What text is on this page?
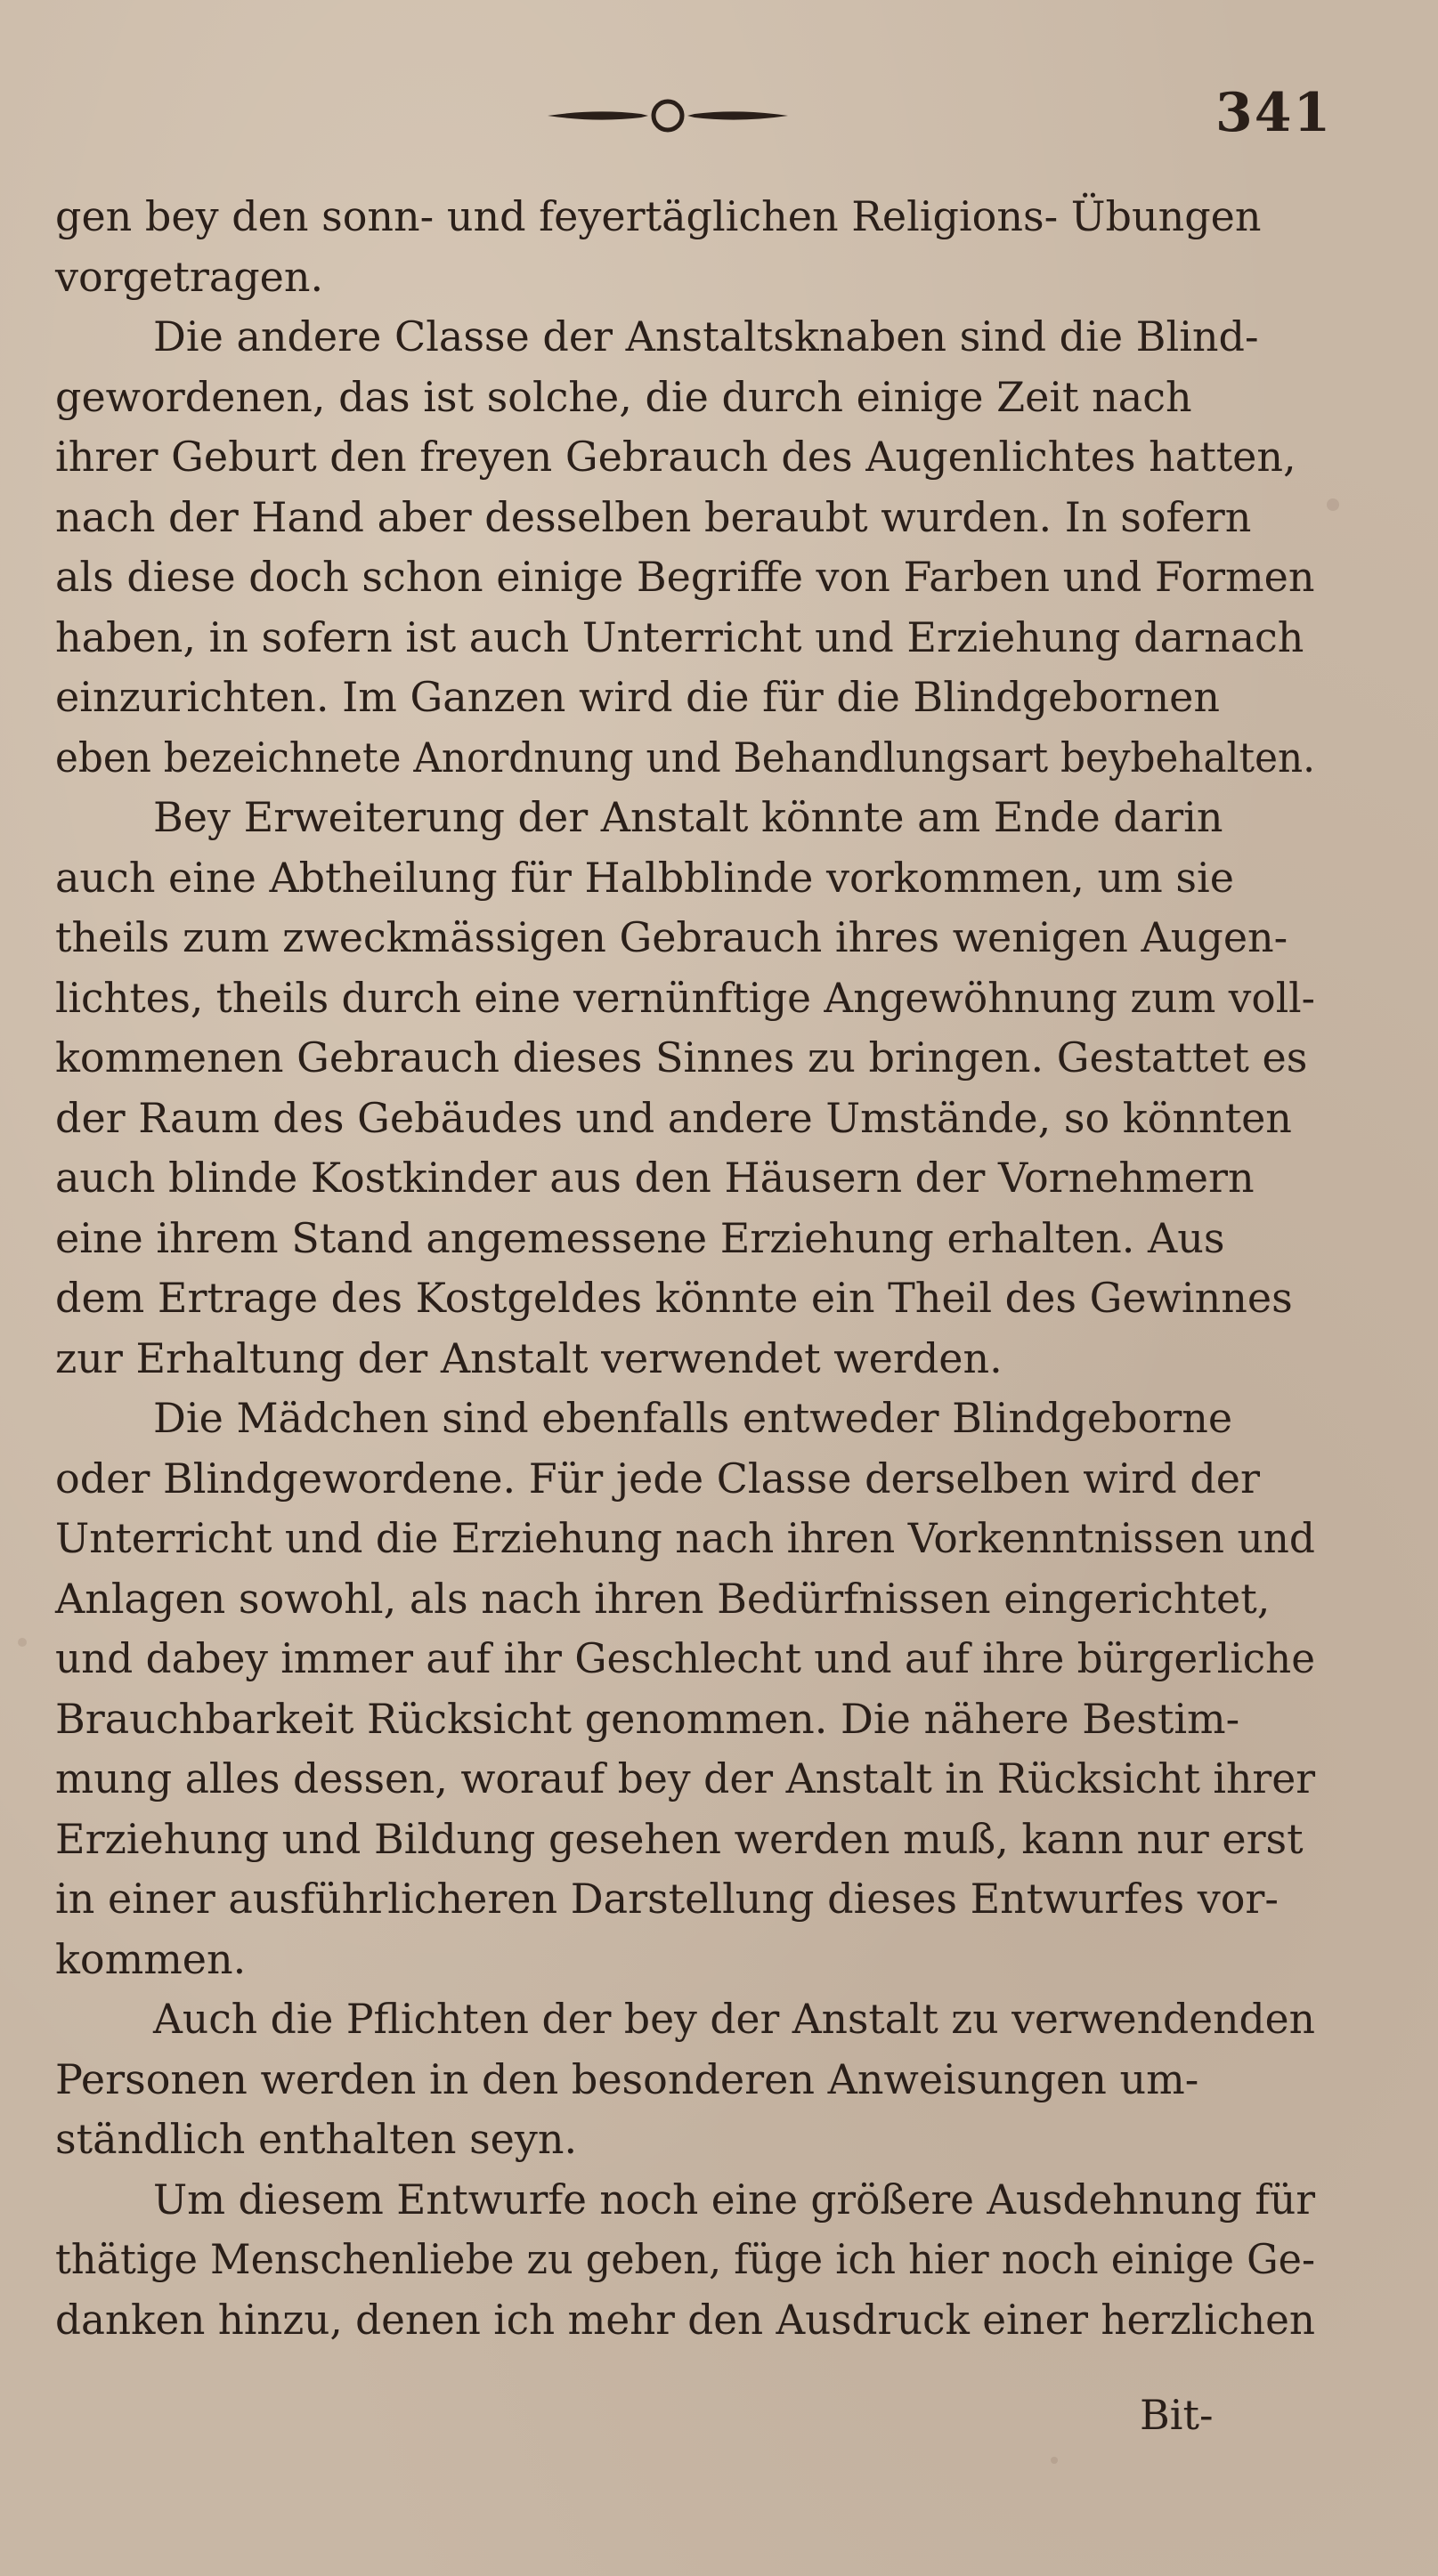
341
gen bey den sonn- und feyertäglichen Religions- Übungen
vorgetragen.
Die andere Classe der Anstaltsknaben sind die Blind-
gewordenen, das ist solche, die durch einige Zeit nach
ihrer Geburt den freyen Gebrauch des Augenlichtes hatten,
nach der Hand aber desselben beraubt wurden. In sofern
als diese doch schon einige Begriffe von Farben und Formen
haben, in sofern ist auch Unterricht und Erziehung darnach
einzurichten. Im Ganzen wird die für die Blindgebornen
eben bezeichnete Anordnung und Behandlungsart beybehalten.
Bey Erweiterung der Anstalt könnte am Ende darin
auch eine Abtheilung für Halbblinde vorkommen, um sie
theils zum zweckmässigen Gebrauch ihres wenigen Augen-
lichtes, theils durch eine vernünftige Angewöhnung zum voll-
kommenen Gebrauch dieses Sinnes zu bringen. Gestattet es
der Raum des Gebäudes und andere Umstände, so könnten
auch blinde Kostkinder aus den Häusern der Vornehmern
eine ihrem Stand angemessene Erziehung erhalten. Aus
dem Ertrage des Kostgeldes könnte ein Theil des Gewinnes
zur Erhaltung der Anstalt verwendet werden.
Die Mädchen sind ebenfalls entweder Blindgeborne
oder Blindgewordene. Für jede Classe derselben wird der
Unterricht und die Erziehung nach ihren Vorkenntnissen und
Anlagen sowohl, als nach ihren Bedürfnissen eingerichtet,
und dabey immer auf ihr Geschlecht und auf ihre bürgerliche
Brauchbarkeit Rücksicht genommen. Die nähere Bestim-
mung alles dessen, worauf bey der Anstalt in Rücksicht ihrer
Erziehung und Bildung gesehen werden muß, kann nur erst
in einer ausführlicheren Darstellung dieses Entwurfes vor-
kommen.
Auch die Pflichten der bey der Anstalt zu verwendenden
Personen werden in den besonderen Anweisungen um-
ständlich enthalten seyn.
Um diesem Entwurfe noch eine größere Ausdehnung für
thätige Menschenliebe zu geben, füge ich hier noch einige Ge-
danken hinzu, denen ich mehr den Ausdruck einer herzlichen
Bit-
